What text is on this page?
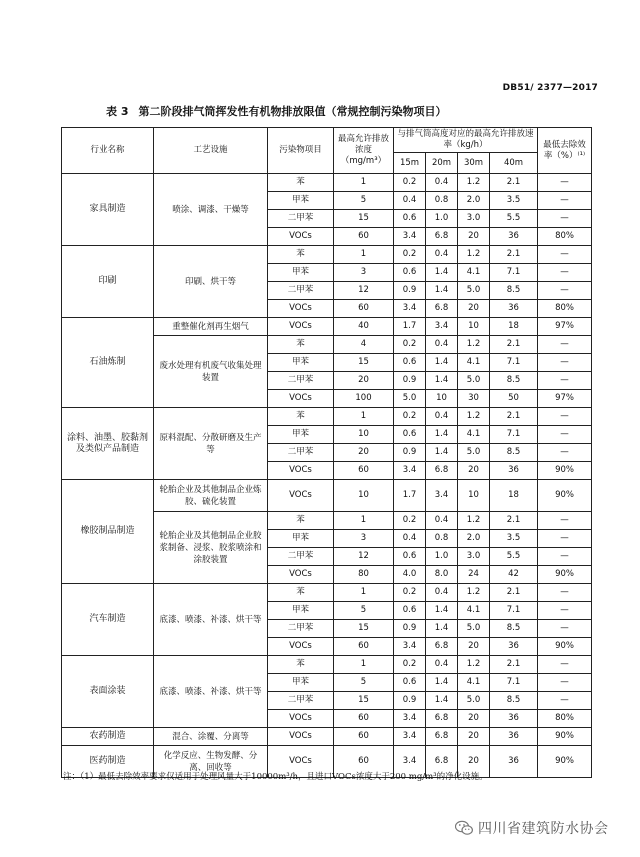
DB51/ 2377—2017
表 3 第二阶段排气筒挥发性有机物排放限值（常规控制污染物项目）
行业名称	工艺设施	污染物项目	最高允许排放浓度（mg/m³）	与排气筒高度对应的最高允许排放速率（kg/h）				最低去除效率（%）⁽¹⁾
				15m	20m	30m	40m	
家具制造	喷涂、调漆、干燥等	苯	1	0.2	0.4	1.2	2.1	—
		甲苯	5	0.4	0.8	2.0	3.5	—
		二甲苯	15	0.6	1.0	3.0	5.5	—
		VOCs	60	3.4	6.8	20	36	80%
印刷	印刷、烘干等	苯	1	0.2	0.4	1.2	2.1	—
		甲苯	3	0.6	1.4	4.1	7.1	—
		二甲苯	12	0.9	1.4	5.0	8.5	—
		VOCs	60	3.4	6.8	20	36	80%
石油炼制	重整催化剂再生烟气	VOCs	40	1.7	3.4	10	18	97%
	废水处理有机废气收集处理装置	苯	4	0.2	0.4	1.2	2.1	—
		甲苯	15	0.6	1.4	4.1	7.1	—
		二甲苯	20	0.9	1.4	5.0	8.5	—
		VOCs	100	5.0	10	30	50	97%
涂料、油墨、胶黏剂及类似产品制造	原料混配、分散研磨及生产等	苯	1	0.2	0.4	1.2	2.1	—
		甲苯	10	0.6	1.4	4.1	7.1	—
		二甲苯	20	0.9	1.4	5.0	8.5	—
		VOCs	60	3.4	6.8	20	36	90%
橡胶制品制造	轮胎企业及其他制品企业炼胶、硫化装置	VOCs	10	1.7	3.4	10	18	90%
	轮胎企业及其他制品企业胶浆制备、浸浆、胶浆喷涂和涂胶装置	苯	1	0.2	0.4	1.2	2.1	—
		甲苯	3	0.4	0.8	2.0	3.5	—
		二甲苯	12	0.6	1.0	3.0	5.5	—
		VOCs	80	4.0	8.0	24	42	90%
汽车制造	底漆、喷漆、补漆、烘干等	苯	1	0.2	0.4	1.2	2.1	—
		甲苯	5	0.6	1.4	4.1	7.1	—
		二甲苯	15	0.9	1.4	5.0	8.5	—
		VOCs	60	3.4	6.8	20	36	90%
表面涂装	底漆、喷漆、补漆、烘干等	苯	1	0.2	0.4	1.2	2.1	—
		甲苯	5	0.6	1.4	4.1	7.1	—
		二甲苯	15	0.9	1.4	5.0	8.5	—
		VOCs	60	3.4	6.8	20	36	80%
农药制造	混合、涂覆、分离等	VOCs	60	3.4	6.8	20	36	90%
医药制造	化学反应、生物发酵、分离、回收等	VOCs	60	3.4	6.8	20	36	90%
注：（1）最低去除效率要求仅适用于处理风量大于10000m³/h，且进口VOCs浓度大于200 mg/m³的净化设施。
四川省建筑防水协会
